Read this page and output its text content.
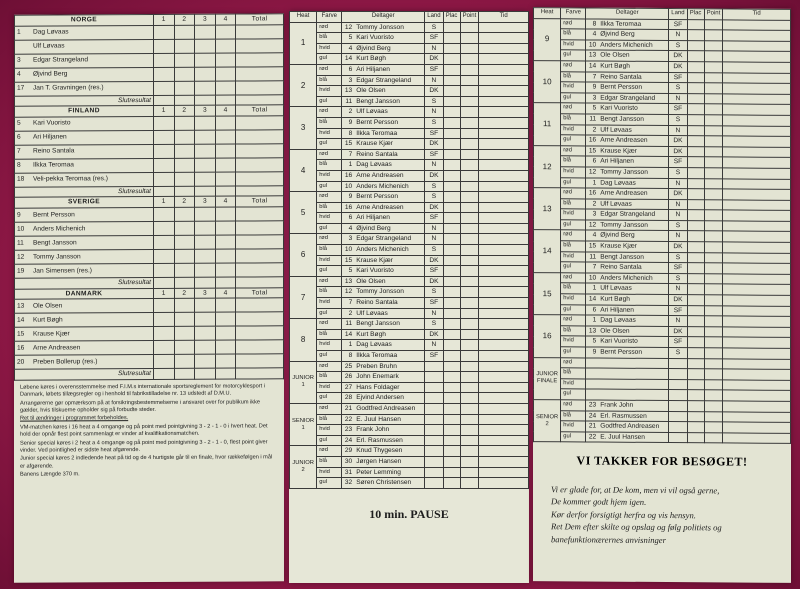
NORGE		1	2	3	4	Total
1	Dag Løvaas					
	Ulf Løvaas					
3	Edgar Strangeland					
4	Øjvind Berg					
17	Jan T. Gravningen (res.)					
Slutresultat						
FINLAND		1	2	3	4	Total
5	Kari Vuoristo					
6	Ari Hiljanen					
7	Reino Santala					
8	Ilkka Teromaa					
18	Veli-pekka Teromaa (res.)					
Slutresultat						
SVERIGE		1	2	3	4	Total
9	Bernt Persson					
10	Anders Michenich					
11	Bengt Jansson					
12	Tommy Jansson					
19	Jan Simensen (res.)					
Slutresultat						
DANMARK		1	2	3	4	Total
13	Ole Olsen					
14	Kurt Bøgh					
15	Krause Kjær					
16	Arne Andreasen					
20	Preben Bollerup (res.)					
Slutresultat						

Løbene køres i overensstemmelse med F.I.M.s internationale sportsreglement for motorcyklesport i Danmark, løbets tillægsregler og i henhold til fabrikstilladelse nr. 13 udstedt af D.M.U.

Arrangørerne gør opmærksom på at forsikringsbestemmelserne i ansvaret over for publikum ikke gælder, hvis tilskuerne opholder sig på forbudte steder.

Ret til ændringer i programmet forbeholdes.

VM-matchen køres i 16 heat a 4 omgange og på point med pointgivning 3 - 2 - 1 - 0 i hvert heat. Det hold der opnår flest point sammenlagt er vinder af kvalifikationsmatchen.

Senior special køres i 2 heat a 4 omgange og på point med pointgivning 3 - 2 - 1 - 0, flest point giver vinder. Ved pointlighed er sidste heat afgørende.

Junior special køres 2 indledende heat på tid og de 4 hurtigste går til en finale, hvor rækkefølgen i mål er afgørende.

Banens Længde 370 m.

Heat	Farve	Deltager		Land	Plac	Point	Tid
1	rød	12	Tommy Jonsson	S			
	blå	5	Kari Vuoristo	SF			
	hvid	4	Øjvind Berg	N			
	gul	14	Kurt Bøgh	DK			
2	rød	6	Ari Hiljanen	SF			
	blå	3	Edgar Strangeland	N			
	hvid	13	Ole Olsen	DK			
	gul	11	Bengt Jansson	S			
3	rød	2	Ulf Løvaas	N			
	blå	9	Bernt Persson	S			
	hvid	8	Ilkka Teromaa	SF			
	gul	15	Krause Kjær	DK			
4	rød	7	Reino Santala	SF			
	blå	1	Dag Løvaas	N			
	hvid	16	Arne Andreasen	DK			
	gul	10	Anders Michenich	S			
5	rød	9	Bernt Persson	S			
	blå	16	Arne Andreasen	DK			
	hvid	6	Ari Hiljanen	SF			
	gul	4	Øjvind Berg	N			
6	rød	3	Edgar Strangeland	N			
	blå	10	Anders Michenich	S			
	hvid	15	Krause Kjær	DK			
	gul	5	Kari Vuoristo	SF			
7	rød	13	Ole Olsen	DK			
	blå	12	Tommy Jonsson	S			
	hvid	7	Reino Santala	SF			
	gul	2	Ulf Løvaas	N			
8	rød	11	Bengt Jansson	S			
	blå	14	Kurt Bøgh	DK			
	hvid	1	Dag Løvaas	N			
	gul	8	Ilkka Teromaa	SF			
JUNIOR 1	rød	25	Preben Bruhn				
	blå	26	John Enemark				
	hvid	27	Hans Foldager				
	gul	28	Ejvind Andersen				
SENIOR 1	rød	21	Godtfred Andreasen				
	blå	22	E. Juul Hansen				
	hvid	23	Frank John				
	gul	24	Erl. Rasmussen				
JUNIOR 2	rød	29	Knud Thygesen				
	blå	30	Jørgen Hansen				
	hvid	31	Peter Lemming				
	gul	32	Søren Christensen				
10 min. PAUSE
Heat	Farve	Deltager		Land	Plac	Point	Tid
9	rød	8	Ilkka Teromaa	SF			
	blå	4	Øjvind Berg	N			
	hvid	10	Anders Michenich	S			
	gul	13	Ole Olsen	DK			
10	rød	14	Kurt Bøgh	DK			
	blå	7	Reino Santala	SF			
	hvid	9	Bernt Persson	S			
	gul	3	Edgar Strangeland	N			
11	rød	5	Kari Vuoristo	SF			
	blå	11	Bengt Jansson	S			
	hvid	2	Ulf Løvaas	N			
	gul	16	Arne Andreasen	DK			
12	rød	15	Krause Kjær	DK			
	blå	6	Ari Hiljanen	SF			
	hvid	12	Tommy Jansson	S			
	gul	1	Dag Løvaas	N			
13	rød	16	Arne Andreasen	DK			
	blå	2	Ulf Løvaas	N			
	hvid	3	Edgar Strangeland	N			
	gul	12	Tommy Jansson	S			
14	rød	4	Øjvind Berg	N			
	blå	15	Krause Kjær	DK			
	hvid	11	Bengt Jansson	S			
	gul	7	Reino Santala	SF			
15	rød	10	Anders Michenich	S			
	blå	1	Ulf Løvaas	N			
	hvid	14	Kurt Bøgh	DK			
	gul	6	Ari Hiljanen	SF			
16	rød	1	Dag Løvaas	N			
	blå	13	Ole Olsen	DK			
	hvid	5	Kari Vuoristo	SF			
	gul	9	Bernt Persson	S			
JUNIOR FINALE	rød						
	blå						
	hvid						
	gul						
SENIOR 2	rød	23	Frank John				
	blå	24	Erl. Rasmussen				
	hvid	21	Godtfred Andreasen				
	gul	22	E. Juul Hansen				
VI TAKKER FOR BESØGET!
Vi er glade for, at De kom, men vi vil også gerne,
De kommer godt hjem igen.
Kør derfor forsigtigt herfra og vis hensyn.
Ret Dem efter skilte og opslag og følg politiets og
banefunktionærernes anvisninger
